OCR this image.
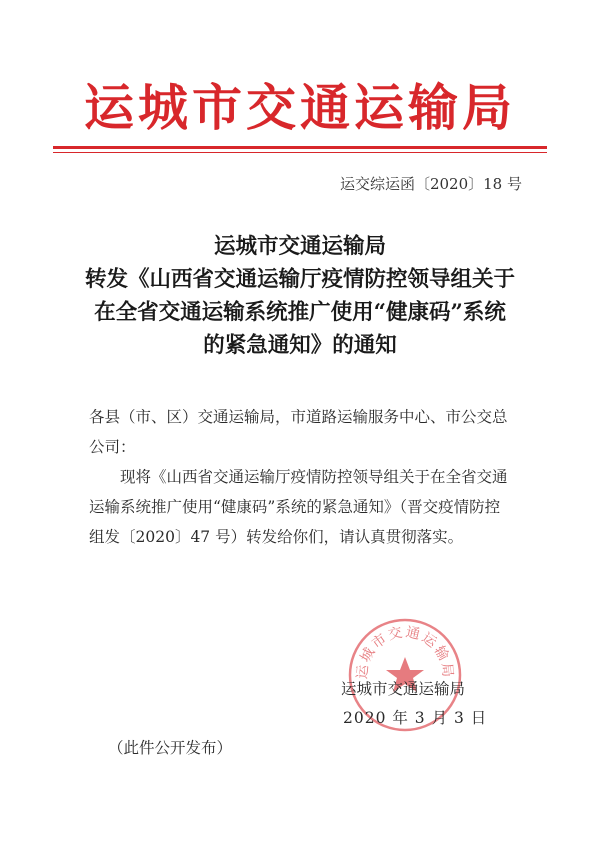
运城市交通运输局
运交综运函〔2020〕18 号
运城市交通运输局
转发《山西省交通运输厅疫情防控领导组关于
在全省交通运输系统推广使用“健康码”系统
的紧急通知》的通知

各县（市、区）交通运输局，市道路运输服务中心、市公交总

公司：

现将《山西省交通运输厅疫情防控领导组关于在全省交通

运输系统推广使用“健康码”系统的紧急通知》（晋交疫情防控

组发〔2020〕47 号）转发给你们，请认真贯彻落实。

运城市交通运输局
运城市交通运输局
2020 年 3 月 3 日
（此件公开发布）
